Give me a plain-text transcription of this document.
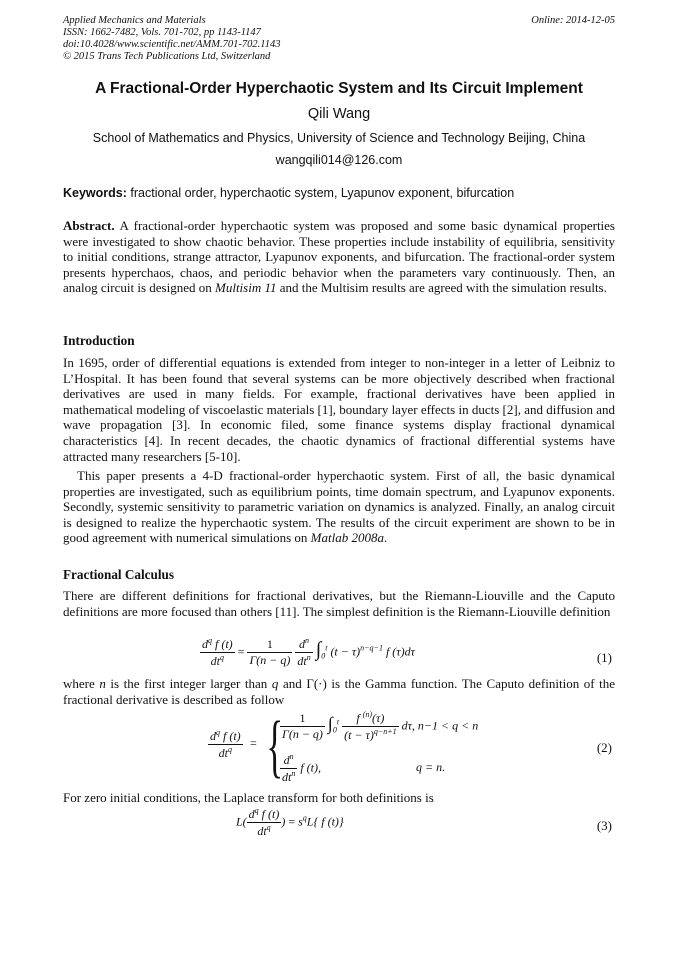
Applied Mechanics and Materials
ISSN: 1662-7482, Vols. 701-702, pp 1143-1147
doi:10.4028/www.scientific.net/AMM.701-702.1143
© 2015 Trans Tech Publications Ltd, Switzerland
Online: 2014-12-05
A Fractional-Order Hyperchaotic System and Its Circuit Implement
Qili Wang
School of Mathematics and Physics, University of Science and Technology Beijing, China
wangqili014@126.com
Keywords: fractional order, hyperchaotic system, Lyapunov exponent, bifurcation
Abstract. A fractional-order hyperchaotic system was proposed and some basic dynamical properties were investigated to show chaotic behavior. These properties include instability of equilibria, sensitivity to initial conditions, strange attractor, Lyapunov exponents, and bifurcation. The fractional-order system presents hyperchaos, chaos, and periodic behavior when the parameters vary continuously. Then, an analog circuit is designed on Multisim 11 and the Multisim results are agreed with the simulation results.
Introduction
In 1695, order of differential equations is extended from integer to non-integer in a letter of Leibniz to L’Hospital. It has been found that several systems can be more objectively described when fractional derivatives are used in many fields. For example, fractional derivatives have been applied in mathematical modeling of viscoelastic materials [1], boundary layer effects in ducts [2], and diffusion and wave propagation [3]. In economic filed, some finance systems display fractional dynamical characteristics [4]. In recent decades, the chaotic dynamics of fractional differential systems have attracted many researchers [5-10].
This paper presents a 4-D fractional-order hyperchaotic system. First of all, the basic dynamical properties are investigated, such as equilibrium points, time domain spectrum, and Lyapunov exponents. Secondly, systemic sensitivity to parametric variation on dynamics is analyzed. Finally, an analog circuit is designed to realize the hyperchaotic system. The results of the circuit experiment are shown to be in good agreement with numerical simulations on Matlab 2008a.
Fractional Calculus
There are different definitions for fractional derivatives, but the Riemann-Liouville and the Caputo definitions are more focused than others [11]. The simplest definition is the Riemann-Liouville definition
$d^q$ f (t)
$dt^q$	= $\frac{1}{\Gamma(n - q)}$
$d^n$
$dt^n$ $\int_0^t$ $(t - \tau)^{n-q-1}$ f (τ)dτ	(1)
where n is the first integer larger than q and Γ(·) is the Gamma function. The Caputo definition of the fractional derivative is described as follow
$d^q$ f (t)
$dt^q$	= {
$\frac{1}{\Gamma(n - q)} \int_0^t \frac{f ^{(n)}(\tau)}{(t - \tau)^{q-n+1}} d\tau$, n−1 < q < n
$d^n$
$dt^n$ f (t),	q = n.
(2)
For zero initial conditions, the Laplace transform for both definitions is
L(
$d^q$ f (t)
$dt^q$ ) = $s^qL${ f (t)}	(3)
